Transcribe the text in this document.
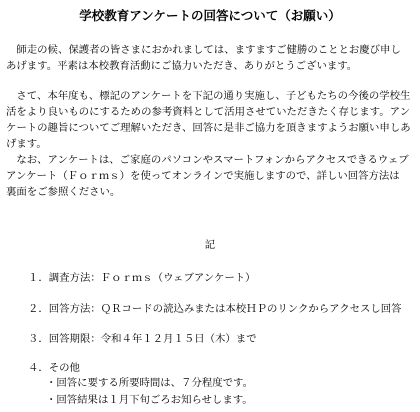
学校教育アンケートの回答について（お願い）

　師走の候、保護者の皆さまにおかれましては、ますますご健勝のこととお慶び申し
あげます。平素は本校教育活動にご協力いただき、ありがとうございます。

　さて、本年度も、標記のアンケートを下記の通り実施し、子どもたちの今後の学校生
活をより良いものにするための参考資料として活用させていただきたく存じます。アン
ケートの趣旨についてご理解いただき、回答に是非ご協力を頂きますようお願い申しあ
げます。

　なお、アンケートは、ご家庭のパソコンやスマートフォンからアクセスできるウェブ
アンケート（Ｆｏｒｍｓ）を使ってオンラインで実施しますので、詳しい回答方法は
裏面をご参照ください。

記
１．調査方法：Ｆｏｒｍｓ（ウェブアンケート）
２．回答方法：ＱＲコードの読込みまたは本校ＨＰのリンクからアクセスし回答
３．回答期限：令和４年１２月１５日（木）まで
４．その他
・回答に要する所要時間は、７分程度です。
・回答結果は１月下旬ごろお知らせします。
